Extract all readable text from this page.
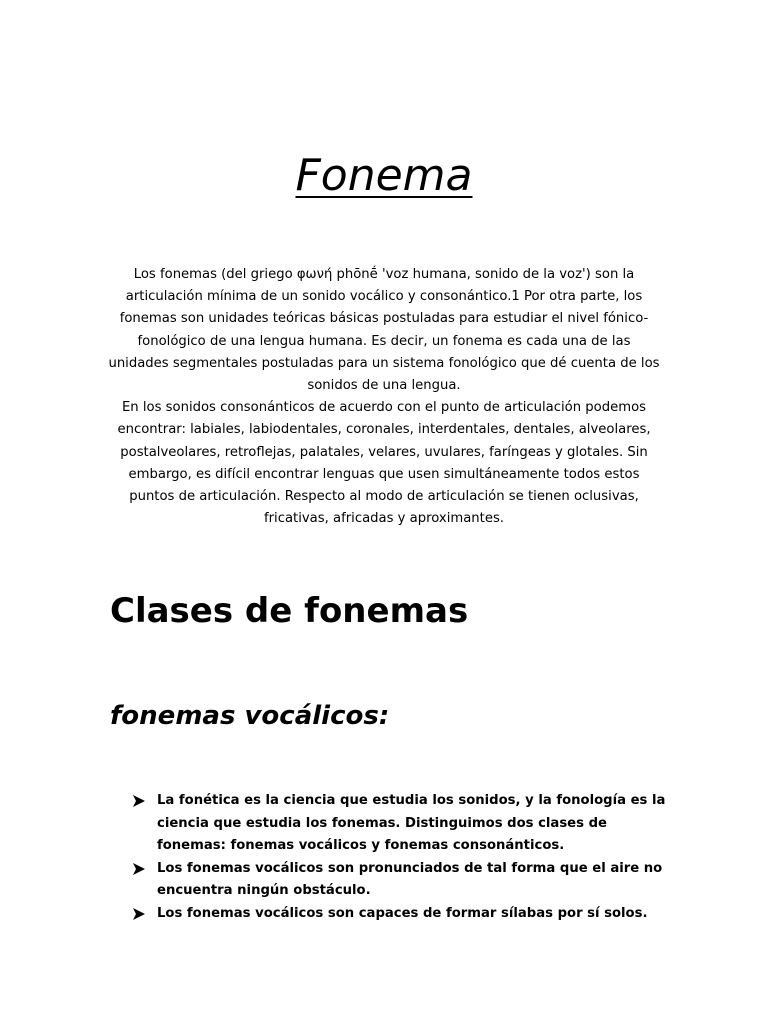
Fonema

Los fonemas (del griego φωνή phōnḗ 'voz humana, sonido de la voz') son la articulación mínima de un sonido vocálico y consonántico.1 Por otra parte, los fonemas son unidades teóricas básicas postuladas para estudiar el nivel fónico-fonológico de una lengua humana. Es decir, un fonema es cada una de las unidades segmentales postuladas para un sistema fonológico que dé cuenta de los sonidos de una lengua.

En los sonidos consonánticos de acuerdo con el punto de articulación podemos encontrar: labiales, labiodentales, coronales, interdentales, dentales, alveolares, postalveolares, retroflejas, palatales, velares, uvulares, faríngeas y glotales. Sin embargo, es difícil encontrar lenguas que usen simultáneamente todos estos puntos de articulación. Respecto al modo de articulación se tienen oclusivas, fricativas, africadas y aproximantes.

Clases de fonemas
fonemas vocálicos:
La fonética es la ciencia que estudia los sonidos, y la fonología es la ciencia que estudia los fonemas. Distinguimos dos clases de fonemas: fonemas vocálicos y fonemas consonánticos.
Los fonemas vocálicos son pronunciados de tal forma que el aire no encuentra ningún obstáculo.
Los fonemas vocálicos son capaces de formar sílabas por sí solos.
